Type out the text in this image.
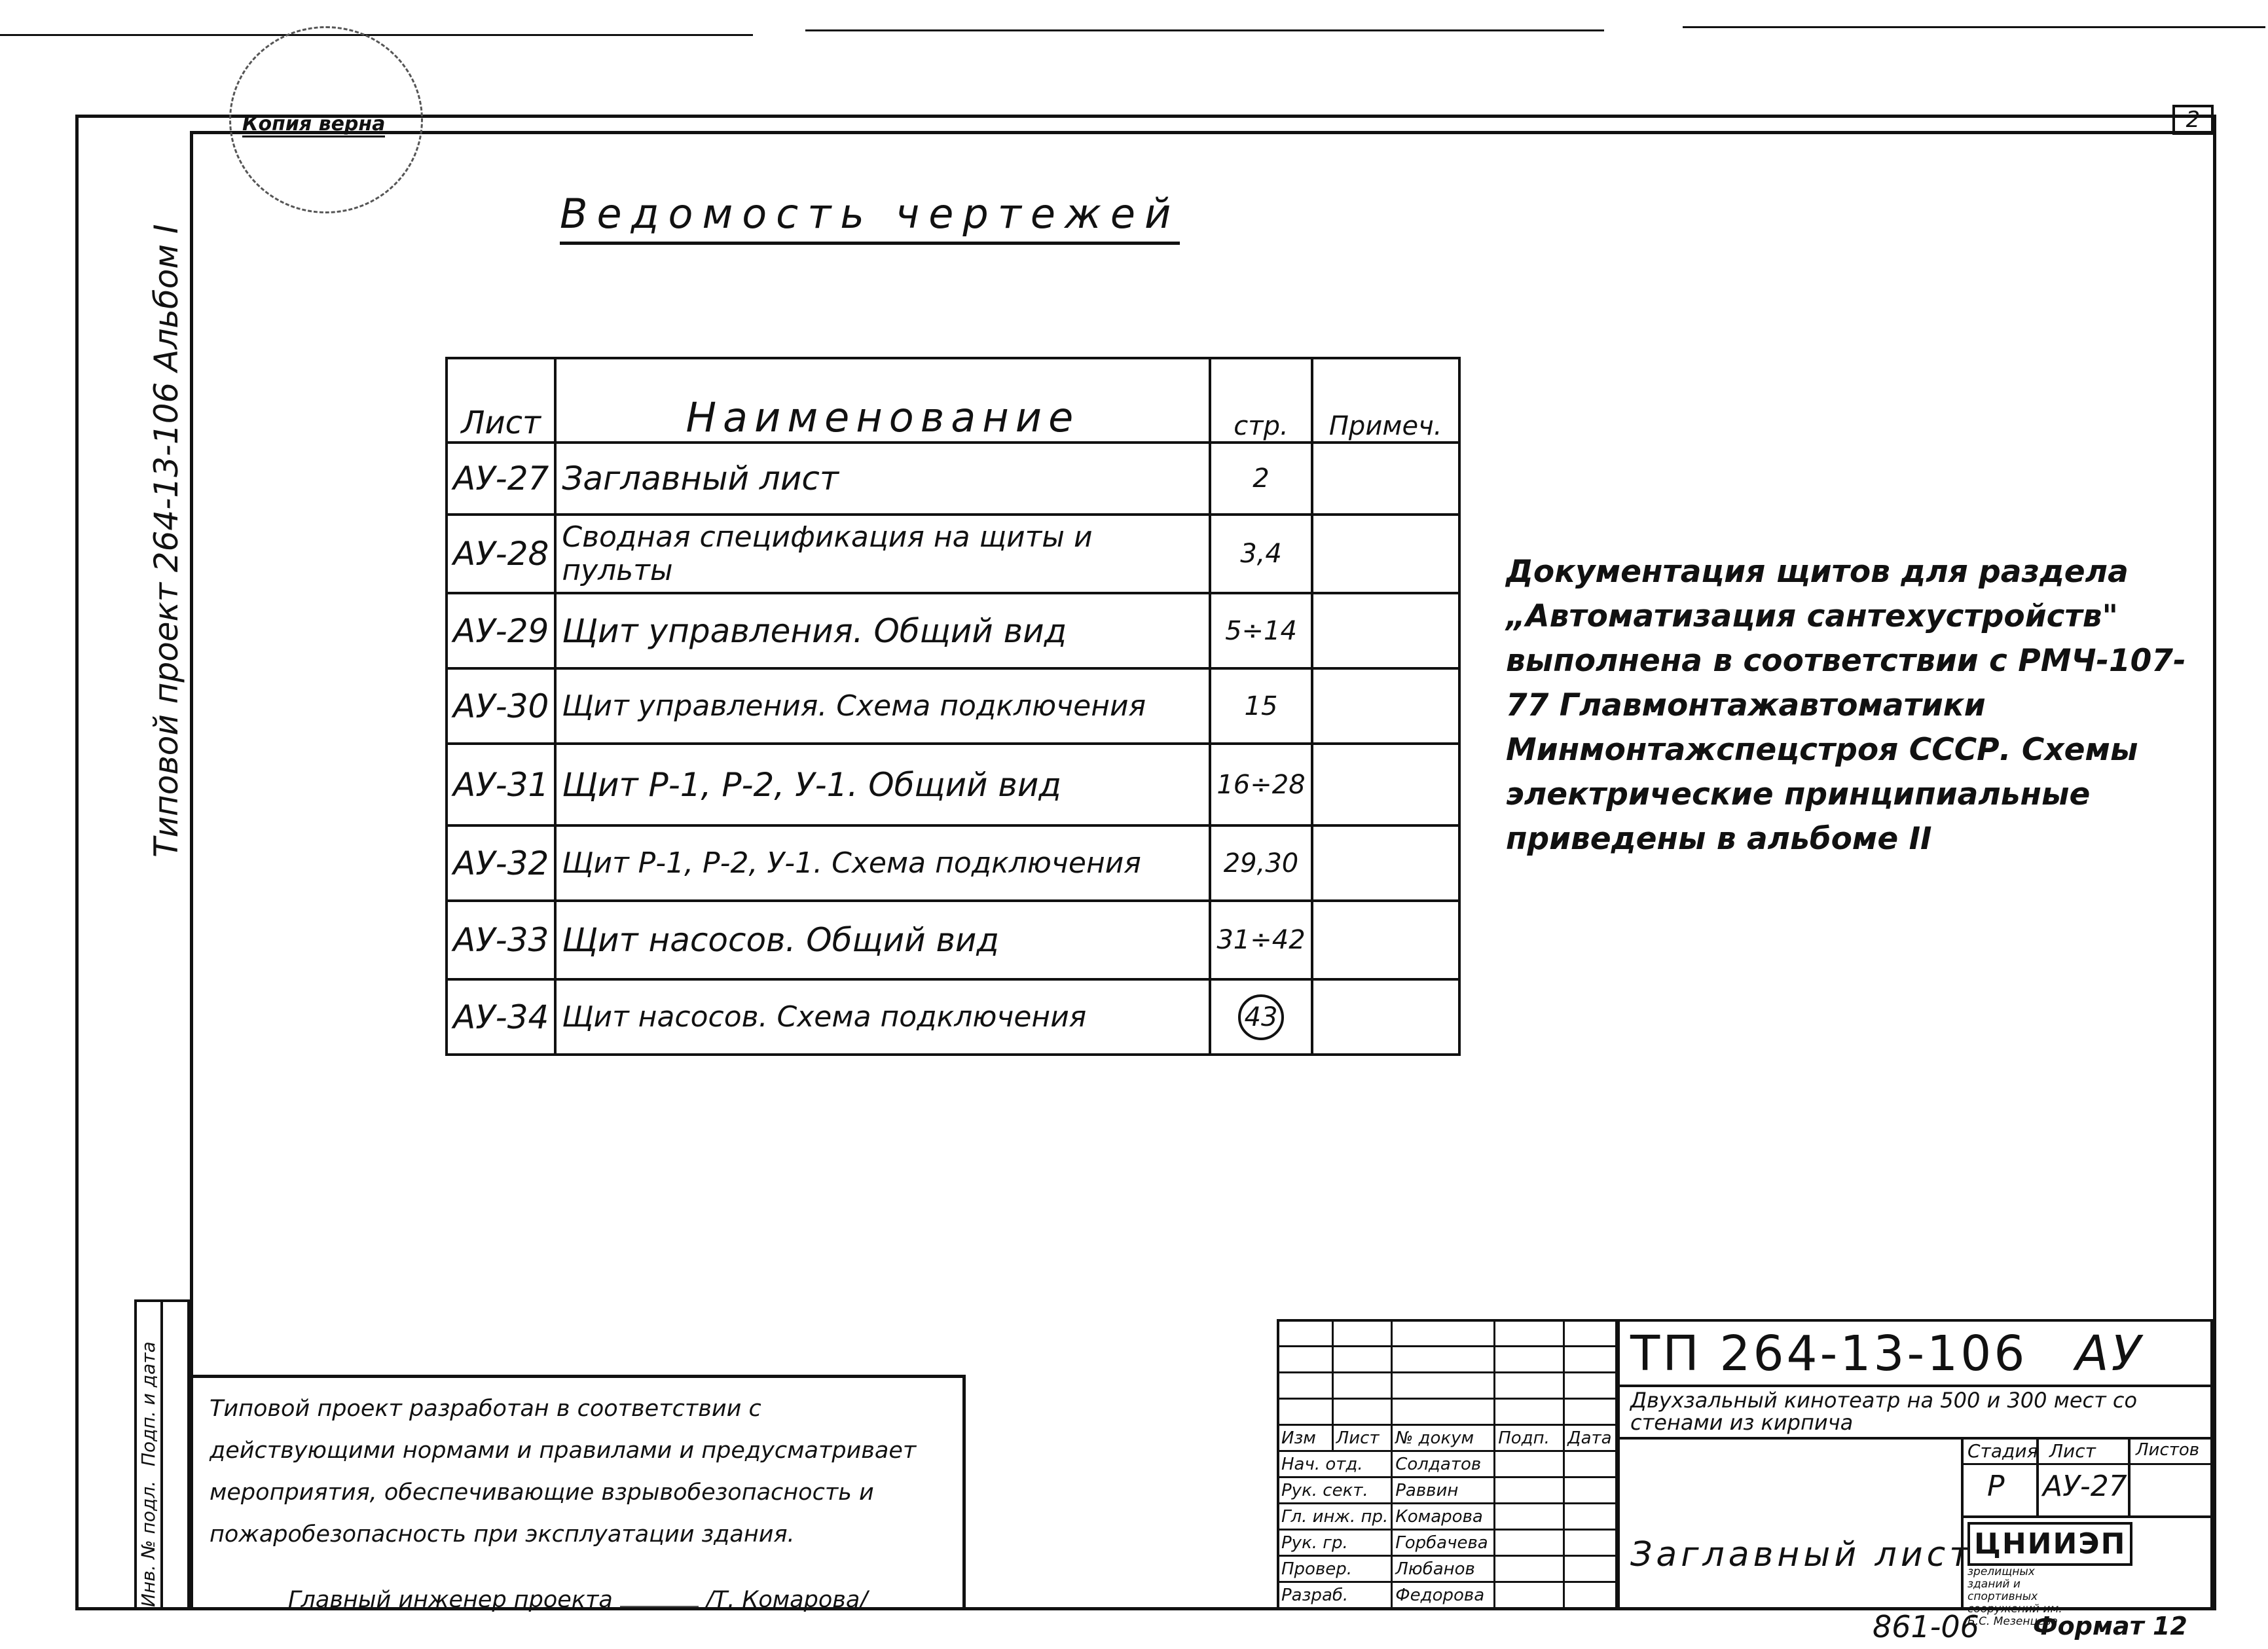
Копия верна	2
Типовой проект 264-13-106 Альбом I
Ведомость чертежей
Лист	Наименование	стр.	Примеч.
АУ-27	Заглавный лист	2	
АУ-28	Сводная спецификация на щиты и пульты	3,4	
АУ-29	Щит управления. Общий вид	5÷14	
АУ-30	Щит управления. Схема подключения	15	
АУ-31	Щит Р-1, Р-2, У-1. Общий вид	16÷28	
АУ-32	Щит Р-1, Р-2, У-1. Схема подключения	29,30	
АУ-33	Щит насосов. Общий вид	31÷42	
АУ-34	Щит насосов. Схема подключения	43	
Документация щитов для раздела „Автоматизация сантехустройств" выполнена в соответствии с РМЧ-107-77 Главмонтажавтоматики Минмонтажспецстроя СССР. Схемы электрические принципиальные приведены в альбоме II
Инв. № подл.
Подп. и дата Типовой проект разработан в соответствии с действующими нормами и правилами и предусматривает мероприятия, обеспечивающие взрывобезопасность и пожаробезопасность при эксплуатации здания.
Главный инженер проекта	/Т. Комарова/

Изм	Лист	№ докум	Подп.	Дата
Нач. отд.		Солдатов		
Рук. сект.		Раввин		
Гл. инж. пр.		Комарова		
Рук. гр.		Горбачева		
Провер.		Любанов		
Разраб.		Федорова		
ТП 264-13-106 АУ
Двухзальный кинотеатр на 500 и 300 мест со стенами из кирпича
Стадия Лист Листов
Р АУ-27
Заглавный лист ЦНИИЭП зрелищных зданий и спортивных сооружений им. Б.С. Мезенцева
861-06 Формат 12
